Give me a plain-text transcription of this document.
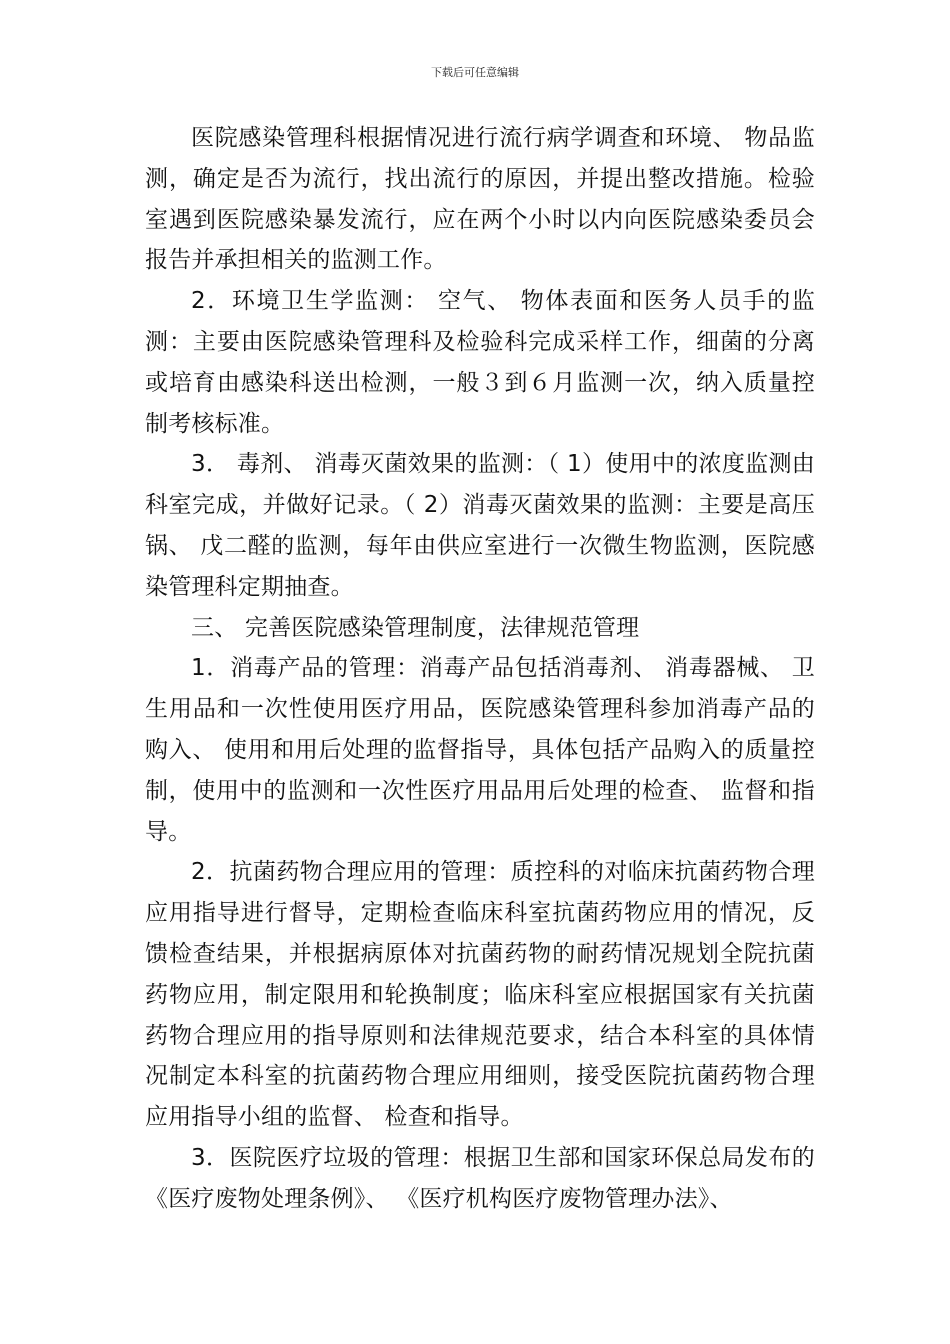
下载后可任意编辑

医院感染管理科根据情况进行流行病学调查和环境、 物品监测，确定是否为流行，找出流行的原因，并提出整改措施。检验室遇到医院感染暴发流行，应在两个小时以内向医院感染委员会报告并承担相关的监测工作。

2．环境卫生学监测： 空气、 物体表面和医务人员手的监测：主要由医院感染管理科及检验科完成采样工作，细菌的分离或培育由感染科送出检测，一般３到６月监测一次，纳入质量控制考核标准。

3． 毒剂、 消毒灭菌效果的监测：（ 1）使用中的浓度监测由科室完成，并做好记录。（ 2）消毒灭菌效果的监测：主要是高压锅、 戊二醛的监测，每年由供应室进行一次微生物监测，医院感染管理科定期抽查。

三、 完善医院感染管理制度，法律规范管理

1．消毒产品的管理：消毒产品包括消毒剂、 消毒器械、 卫生用品和一次性使用医疗用品，医院感染管理科参加消毒产品的购入、 使用和用后处理的监督指导，具体包括产品购入的质量控制，使用中的监测和一次性医疗用品用后处理的检查、 监督和指导。

2．抗菌药物合理应用的管理：质控科的对临床抗菌药物合理应用指导进行督导，定期检查临床科室抗菌药物应用的情况，反馈检查结果，并根据病原体对抗菌药物的耐药情况规划全院抗菌药物应用，制定限用和轮换制度；临床科室应根据国家有关抗菌药物合理应用的指导原则和法律规范要求，结合本科室的具体情况制定本科室的抗菌药物合理应用细则，接受医院抗菌药物合理应用指导小组的监督、 检查和指导。

3．医院医疗垃圾的管理：根据卫生部和国家环保总局发布的《医疗废物处理条例》、 《医疗机构医疗废物管理办法》、
